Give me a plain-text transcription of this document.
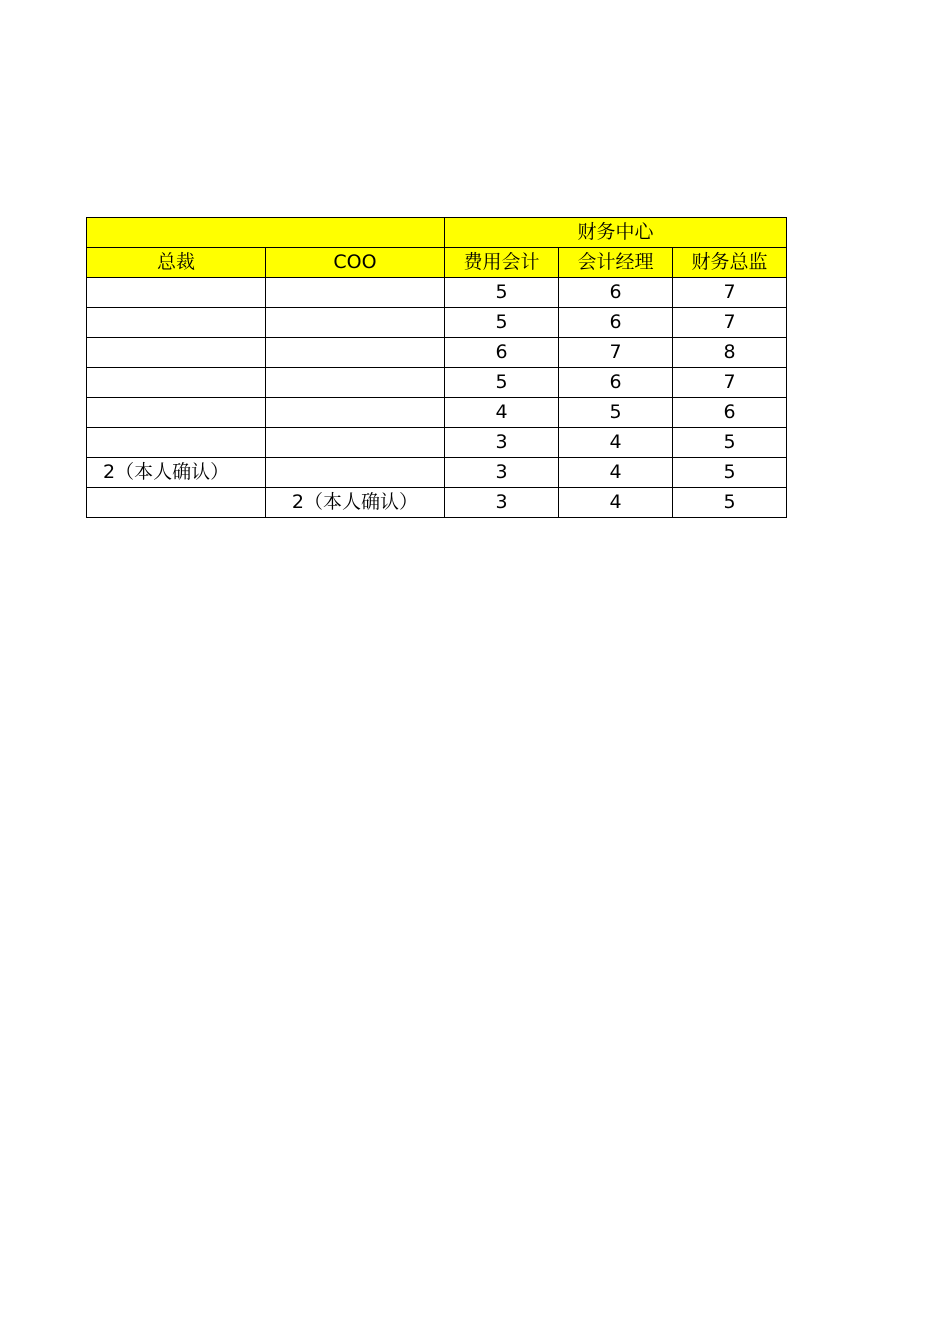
		财务中心		
总裁	COO	费用会计	会计经理	财务总监
		5	6	7
		5	6	7
		6	7	8
		5	6	7
		4	5	6
		3	4	5
2（本人确认）		3	4	5
	2（本人确认）	3	4	5
